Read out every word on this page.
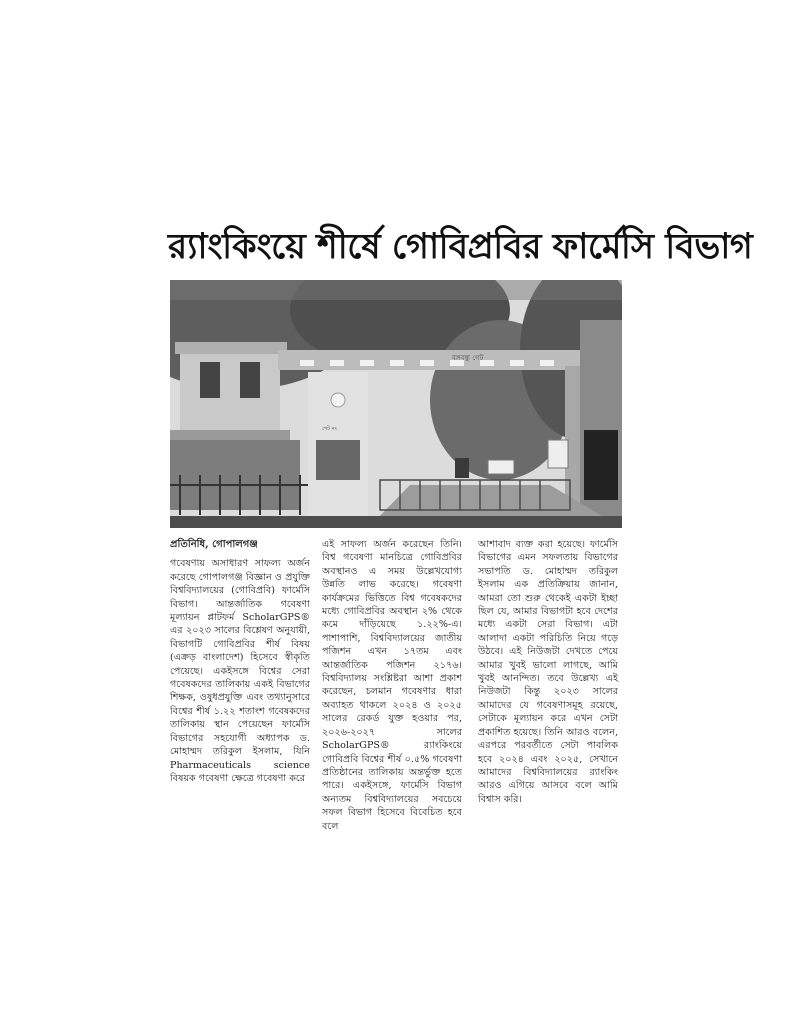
র‍্যাংকিংয়ে শীর্ষে গোবিপ্রবির ফার্মেসি বিভাগ
বঙ্গবন্ধু গেট
গেট নং

প্রতিনিধি, গোপালগঞ্জ

গবেষণায় অসাধারণ সাফল্য অর্জন করেছে গোপালগঞ্জ বিজ্ঞান ও প্রযুক্তি বিশ্ববিদ্যালয়ের (গোবিপ্রবি) ফার্মেসি বিভাগ। আন্তর্জাতিক গবেষণা মূল্যায়ন প্লাটফর্ম ScholarGPS® এর ২০২৩ সালের বিশ্লেষণ অনুযায়ী, বিভাগটি গোবিপ্রবির শীর্ষ বিষয় (এক্রড় বাংলাদেশ) হিসেবে স্বীকৃতি পেয়েছে। একইসঙ্গে বিশ্বের সেরা গবেষকদের তালিকায় একই বিভাগের শিক্ষক, ওষুধপ্রযুক্তি এবং তথ্যানুসারে বিশ্বের শীর্ষ ১.২২ শতাংশ গবেষকদের তালিকায় স্থান পেয়েছেন ফার্মেসি বিভাগের সহযোগী অধ্যাপক ড. মোহাম্মদ তরিকুল ইসলাম, যিনি Pharmaceuticals science বিষয়ক গবেষণা ক্ষেত্রে গবেষণা করে

এই সাফল্য অর্জন করেছেন তিনি। বিশ্ব গবেষণা মানচিত্রে গোবিপ্রবির অবস্থানও এ সময় উল্লেখযোগ্য উন্নতি লাভ করেছে। গবেষণা কার্যক্রমের ভিত্তিতে বিশ্ব গবেষকদের মধ্যে গোবিপ্রবির অবস্থান ২% থেকে কমে দাঁড়িয়েছে ১.২২%-এ। পাশাপাশি, বিশ্ববিদ্যালয়ের জাতীয় পজিশন এখন ১৭তম এবং আন্তর্জাতিক পজিশন ২১৭৬। বিশ্ববিদ্যালয় সংশ্লিষ্টরা আশা প্রকাশ করেছেন, চলমান গবেষণার ধারা অব্যাহত থাকলে ২০২৪ ও ২০২৫ সালের রেকর্ড যুক্ত হওয়ার পর, ২০২৬-২০২৭ সালের ScholarGPS® র‍্যাংকিংয়ে গোবিপ্রবি বিশ্বের শীর্ষ ০.৫% গবেষণা প্রতিষ্ঠানের তালিকায় অন্তর্ভুক্ত হতে পারে। একইসঙ্গে, ফার্মেসি বিভাগ অন্যতম বিশ্ববিদ্যালয়ের সবচেয়ে সফল বিভাগ হিসেবে বিবেচিত হবে বলে

আশাবাদ ব্যক্ত করা হয়েছে। ফার্মেসি বিভাগের এমন সফলতায় বিভাগের সভাপতি ড. মোহাম্মদ তরিকুল ইসলাম এক প্রতিক্রিয়ায় জানান, আমরা তো শুরু থেকেই একটা ইচ্ছা ছিল যে, আমার বিভাগটা হবে দেশের মধ্যে একটা সেরা বিভাগ। এটা আলাদা একটা পরিচিতি নিয়ে গড়ে উঠবে। এই নিউজটা দেখতে পেয়ে আমার খুবই ভালো লাগছে, আমি খুবই আনন্দিত। তবে উল্লেখ্য এই নিউজটা কিন্তু ২০২৩ সালের আমাদের যে গবেষণাসমূহ রয়েছে, সেটাকে মূল্যায়ন করে এখন সেটা প্রকাশিত হয়েছে। তিনি আরও বলেন, এরপরে পরবর্তীতে সেটা পাবলিক হবে ২০২৪ এবং ২০২৫, সেখানে আমাদের বিশ্ববিদ্যালয়ের র‍্যাংকিং আরও এগিয়ে আসবে বলে আমি বিশ্বাস করি।
